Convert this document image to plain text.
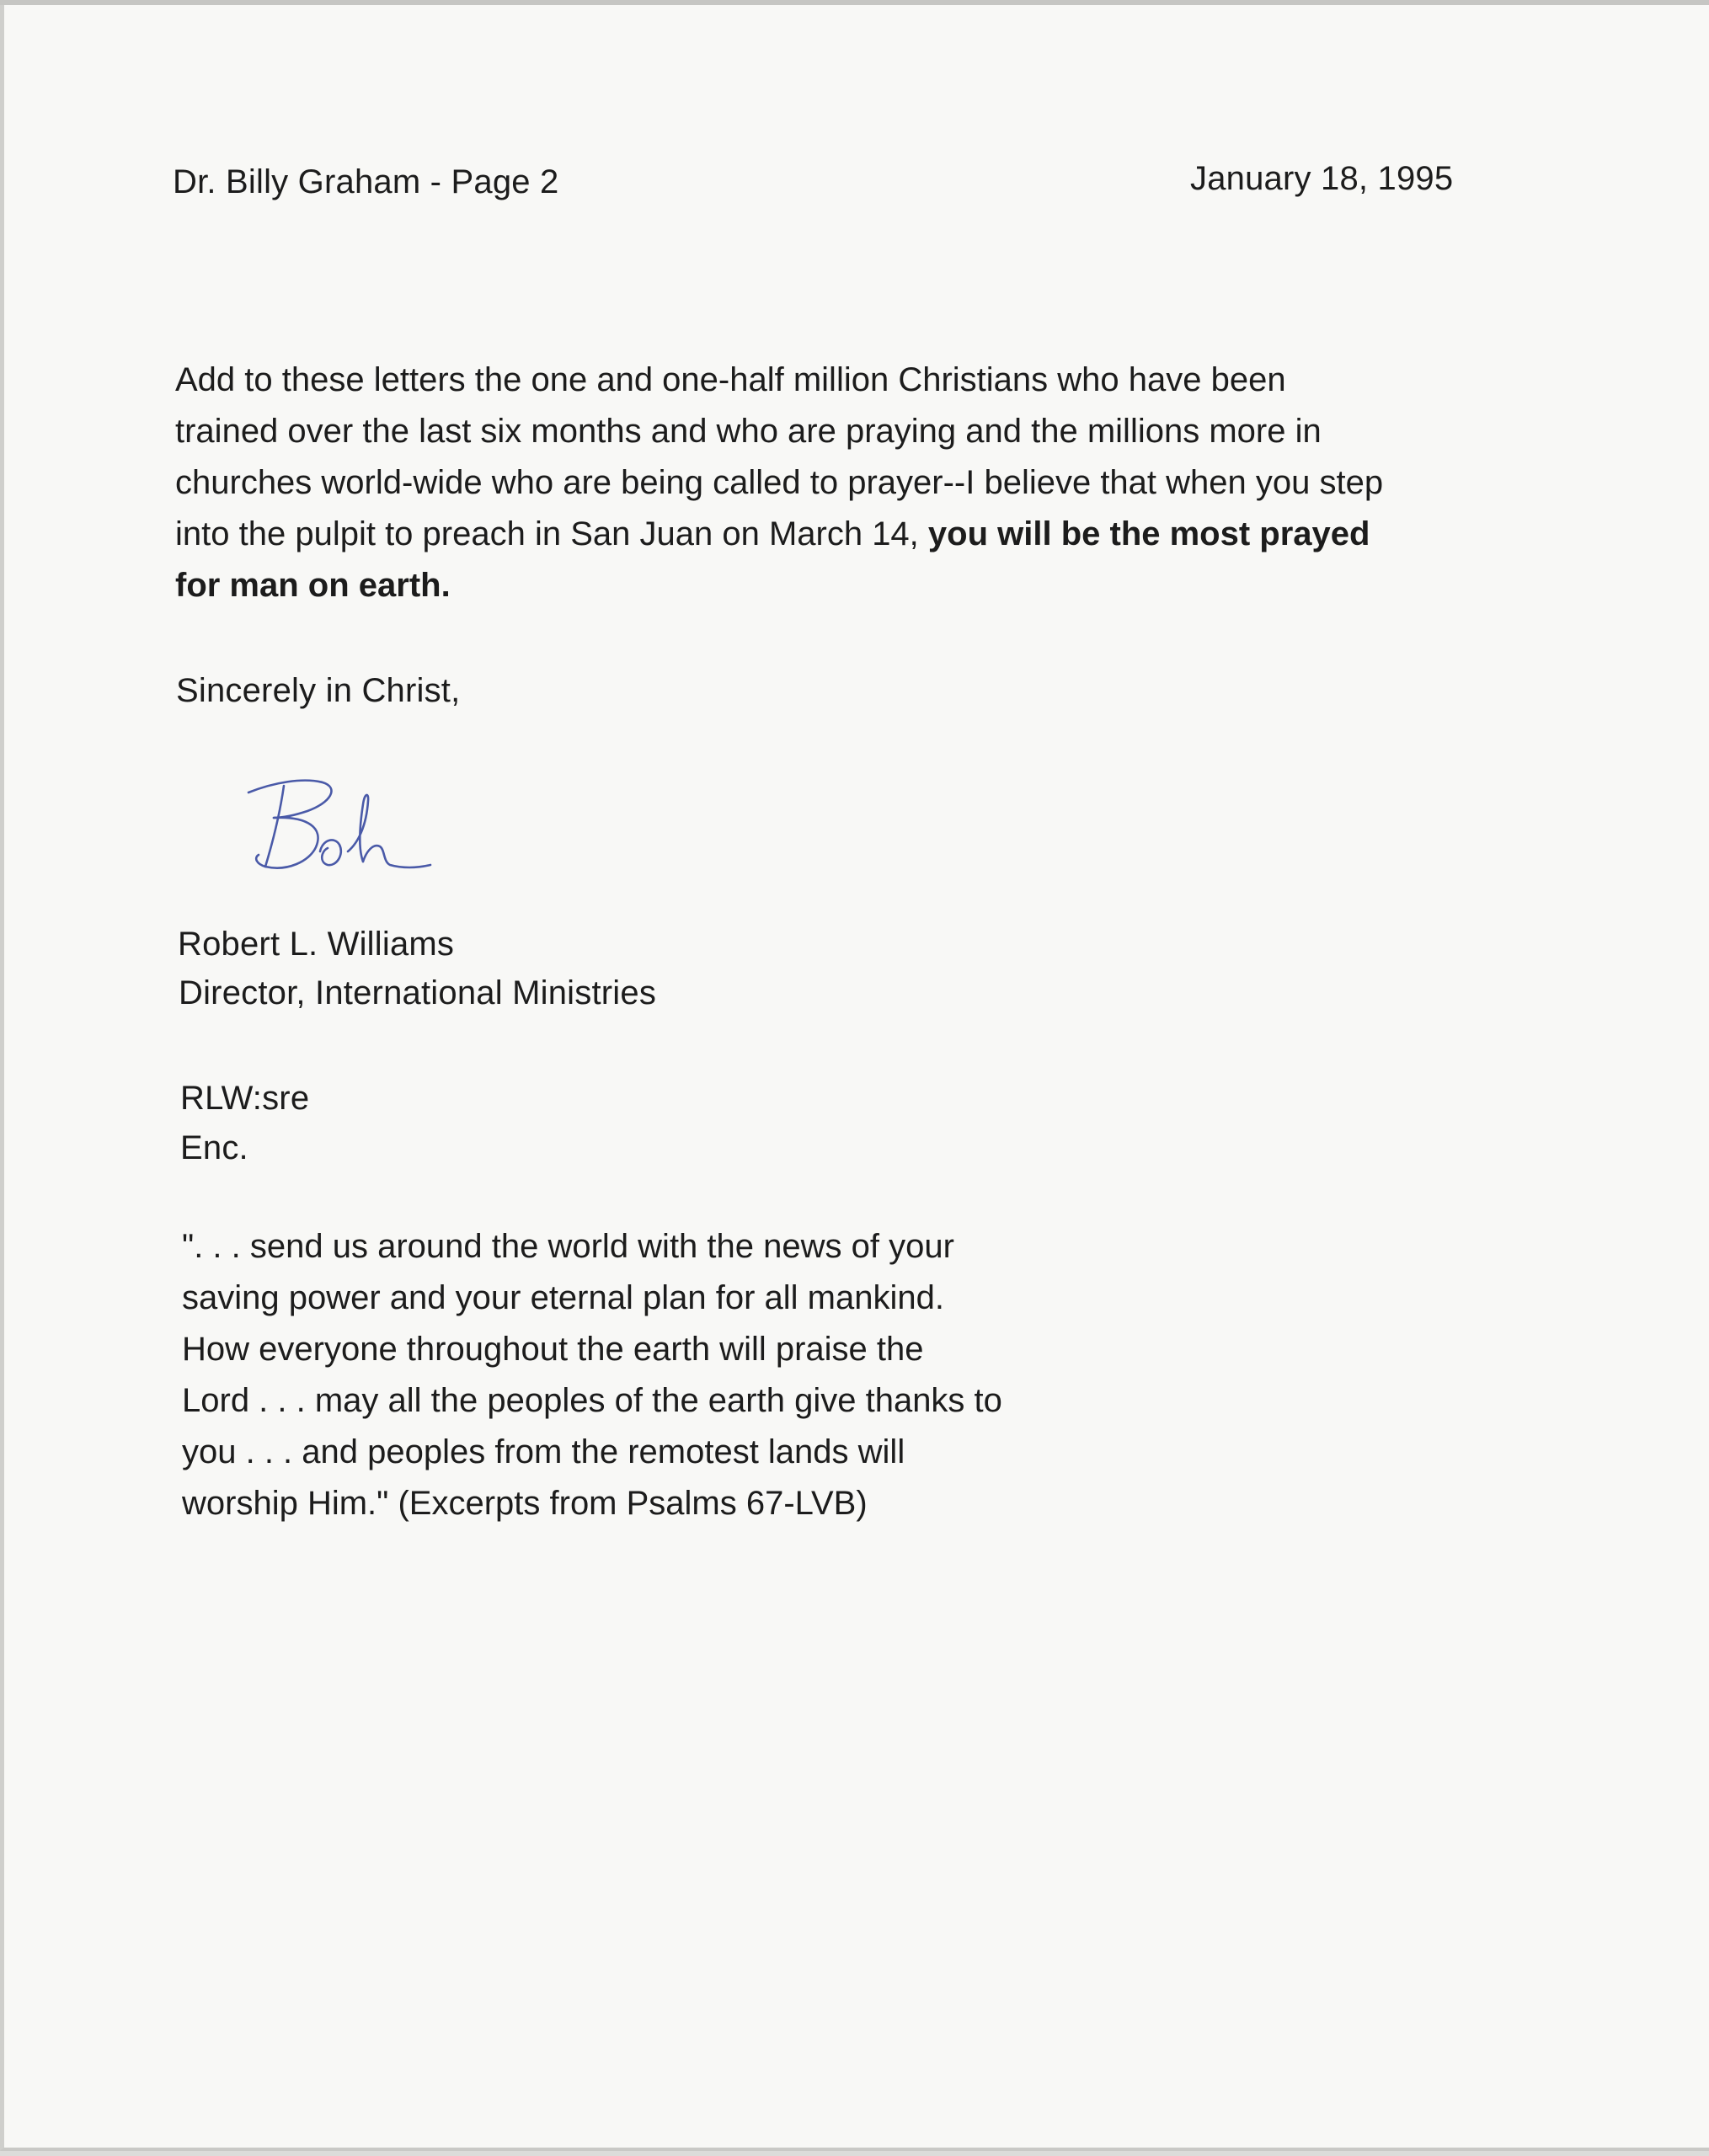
Dr. Billy Graham - Page 2	January 18, 1995
Add to these letters the one and one-half million Christians who have been
trained over the last six months and who are praying and the millions more in
churches world-wide who are being called to prayer--I believe that when you step
into the pulpit to preach in San Juan on March 14, you will be the most prayed
for man on earth.
Sincerely in Christ,
Robert L. Williams
Director, International Ministries
RLW:sre
Enc.
". . . send us around the world with the news of your
saving power and your eternal plan for all mankind.
How everyone throughout the earth will praise the
Lord . . . may all the peoples of the earth give thanks to
you . . . and peoples from the remotest lands will
worship Him." (Excerpts from Psalms 67-LVB)
